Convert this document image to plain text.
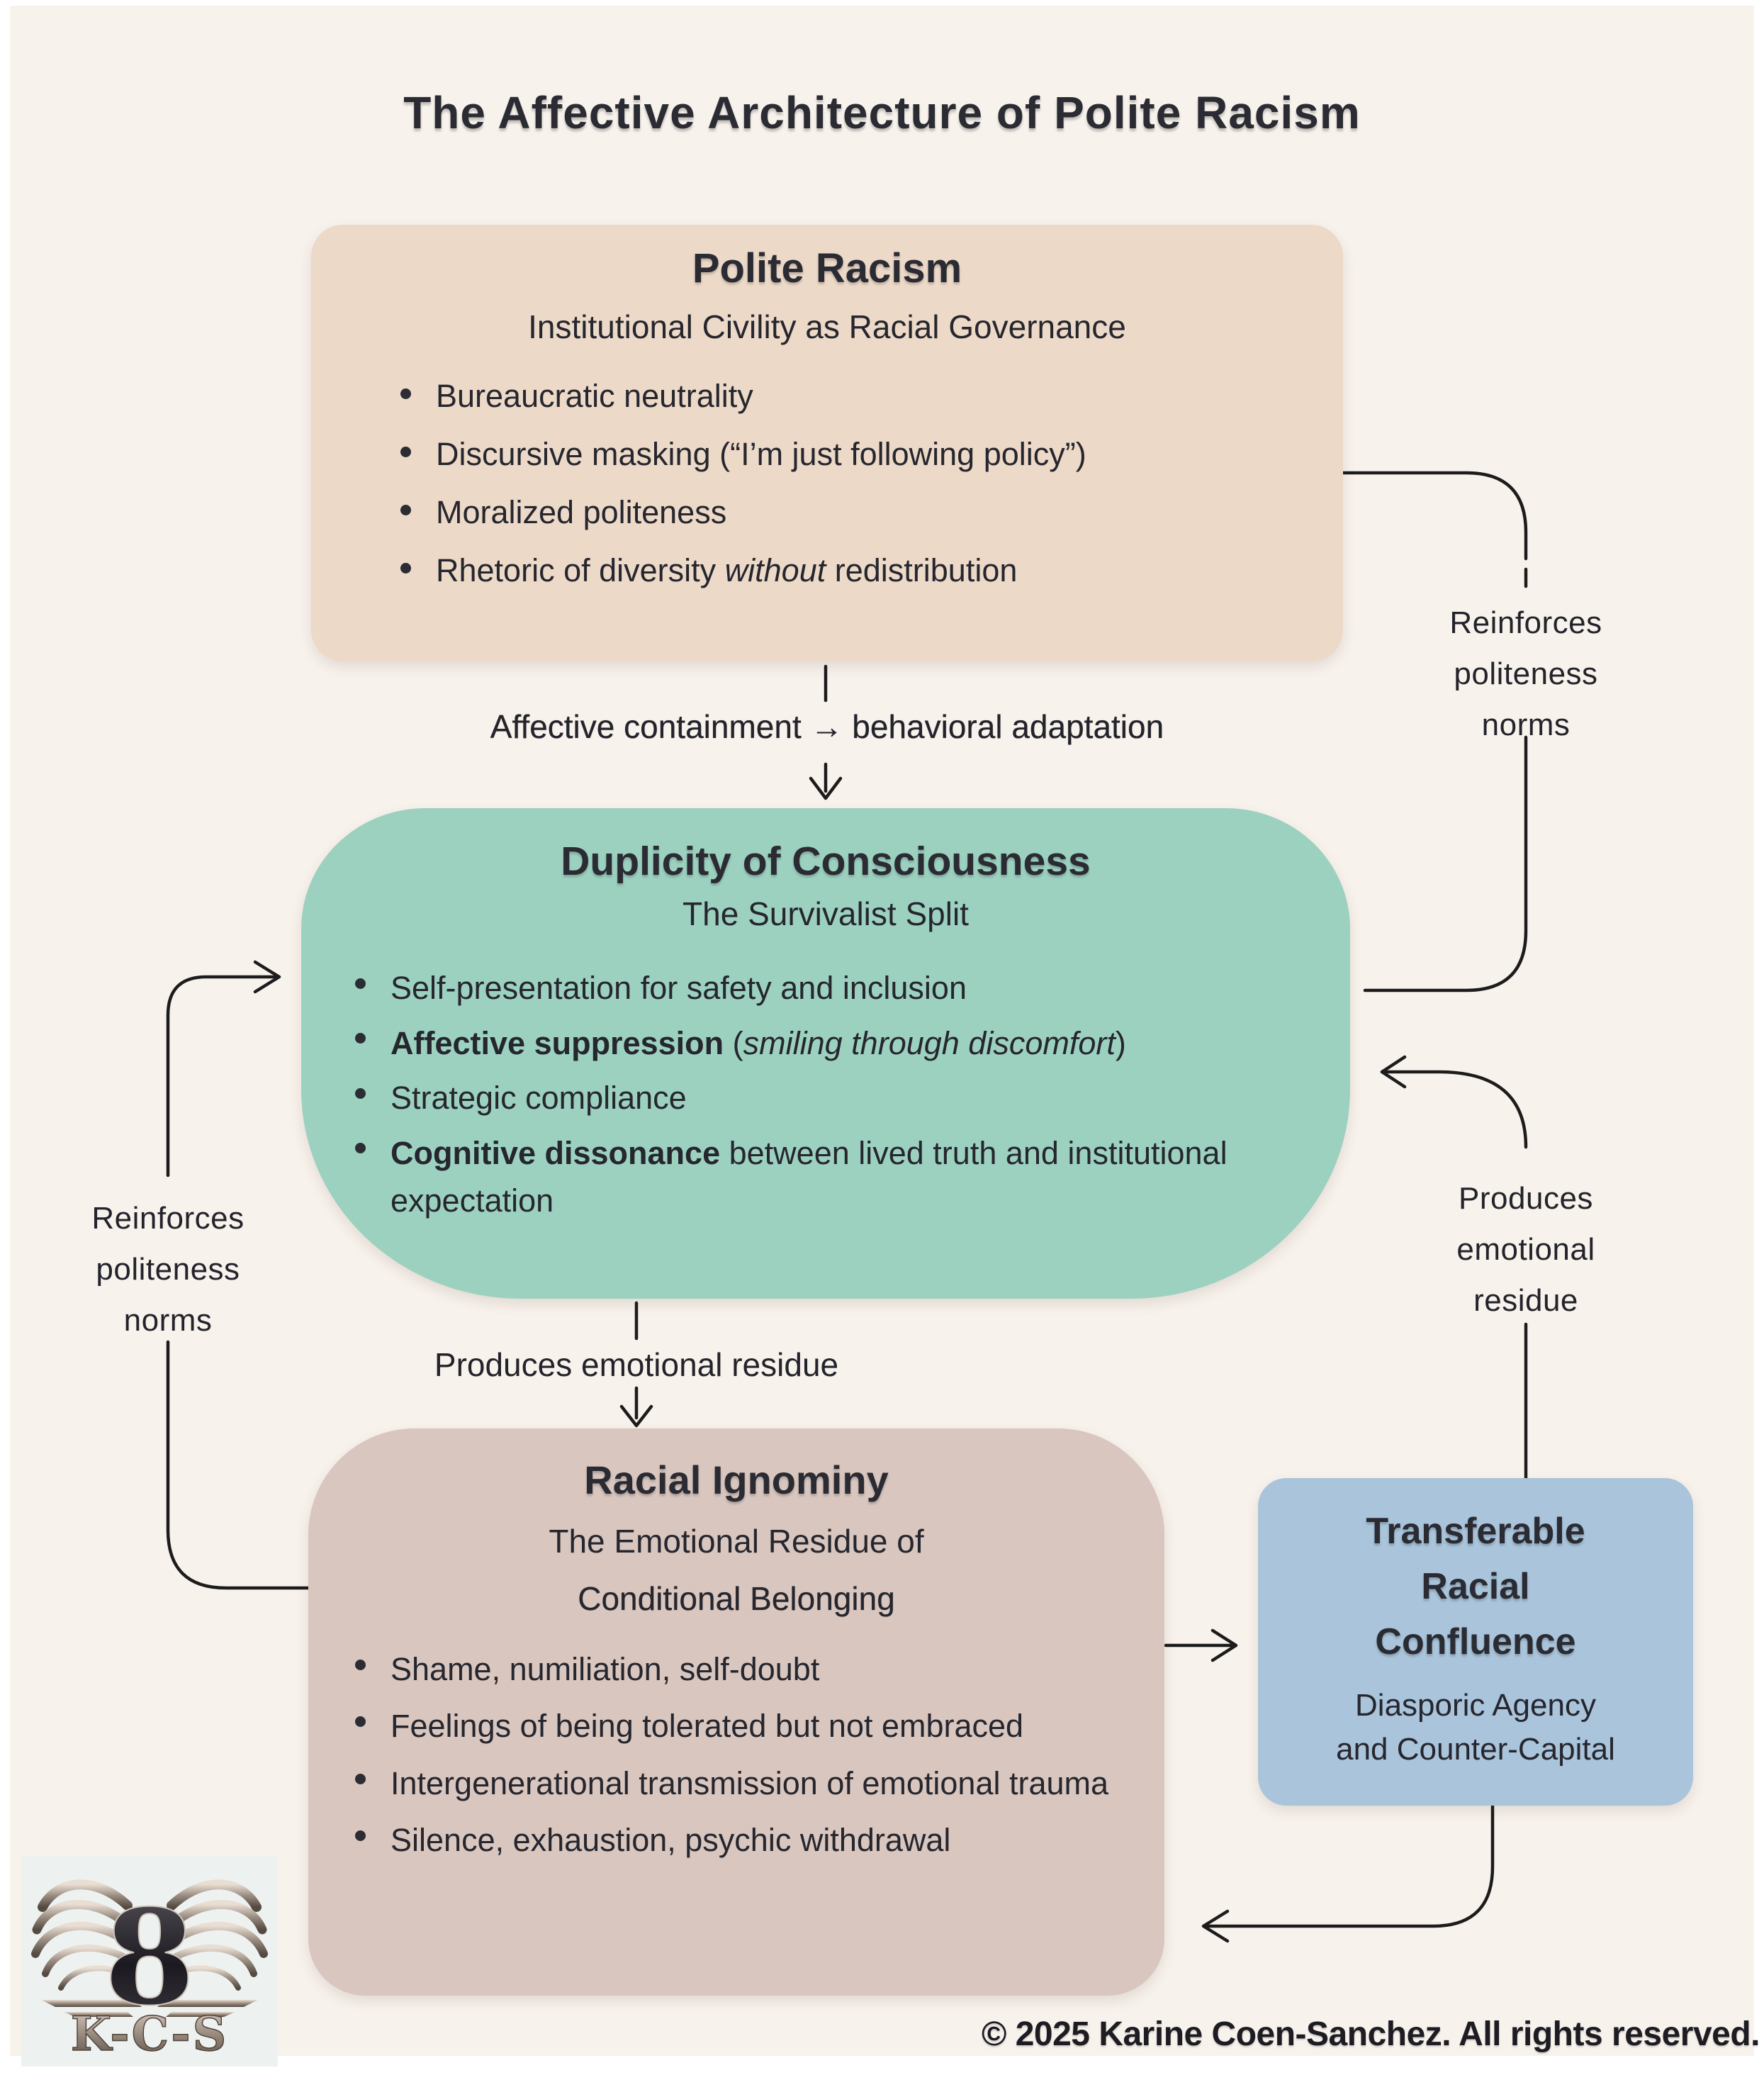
The Affective Architecture of Polite Racism
Polite Racism
Institutional Civility as Racial Governance
Bureaucratic neutrality
Discursive masking (“I’m just following policy”)
Moralized politeness
Rhetoric of diversity without redistribution
Affective containment → behavioral adaptation
Reinforces
politeness
norms
Duplicity of Consciousness
The Survivalist Split
Self-presentation for safety and inclusion
Affective suppression (smiling through discomfort)
Strategic compliance
Cognitive dissonance between lived truth and institutional expectation
Reinforces
politeness
norms
Produces
emotional
residue
Produces emotional residue
Racial Ignominy
The Emotional Residue of
Conditional Belonging
Shame, numiliation, self-doubt
Feelings of being tolerated but not embraced
Intergenerational transmission of emotional trauma
Silence, exhaustion, psychic withdrawal
Transferable
Racial
Confluence
Diasporic Agency
and Counter-Capital
8
K-C-S	© 2025 Karine Coen-Sanchez. All rights reserved.
